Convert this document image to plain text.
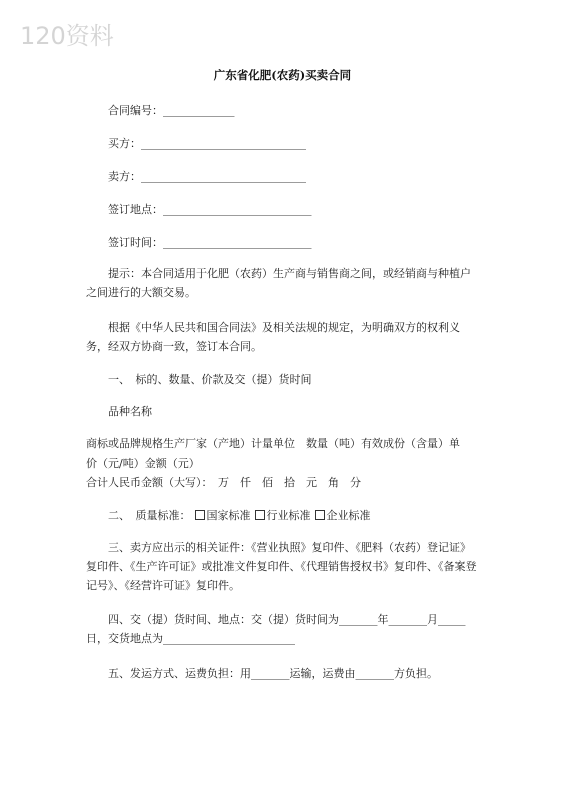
120资料
广东省化肥(农药)买卖合同
合同编号：_____________
买方：______________________________
卖方：______________________________
签订地点：___________________________
签订时间：___________________________
提示：本合同适用于化肥（农药）生产商与销售商之间，或经销商与种植户之间进行的大额交易。
根据《中华人民共和国合同法》及相关法规的规定，为明确双方的权利义务，经双方协商一致，签订本合同。
一、　标的、数量、价款及交（提）货时间
品种名称
商标或品牌规格生产厂家（产地）计量单位　数量（吨）有效成份（含量）单
价（元/吨）金额（元）
合计人民币金额（大写）：　万　仟　佰　拾　元　角　分
二、　质量标准： 国家标准 行业标准 企业标准
三、卖方应出示的相关证件：《营业执照》复印件、《肥料（农药）登记证》复印件、《生产许可证》或批准文件复印件、《代理销售授权书》复印件、《备案登记号》、《经营许可证》复印件。
四、交（提）货时间、地点：交（提）货时间为_______年_______月_____日，交货地点为________________________
五、发运方式、运费负担：用_______运输，运费由_______方负担。
